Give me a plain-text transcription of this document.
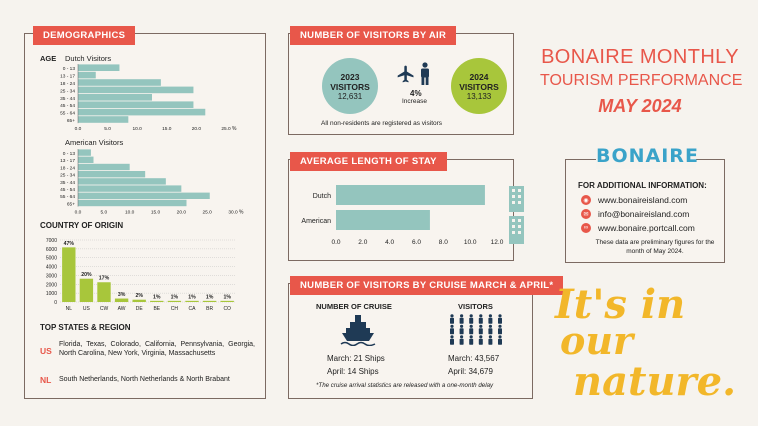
DEMOGRAPHICS
AGE Dutch Visitors
0 - 13
13 - 17
18 - 24
25 - 34
35 - 44
45 - 54
55 - 64
65+
0.0	5.0	10.0	15.0	20.0	25.0 %
American Visitors
0 - 13
13 - 17
18 - 24
25 - 34
35 - 44
45 - 54
55 - 64
65+
0.0	5.0	10.0	15.0	20.0	25.0	30.0 %
COUNTRY OF ORIGIN
7000
6000
5000
4000
3000
2000
1000
0
47%
NL
20%
US
17%
CW
3%
AW
2%
DE
1%
BE
1%
CH
1%
CA
1%
BR
1%
CO
TOP STATES & REGION
US
Florida, Texas, Colorado, California, Pennsylvania, Georgia, North Carolina, New York, Virginia, Massachusetts
NL South Netherlands, North Netherlands & North Brabant
NUMBER OF VISITORS BY AIR
2023
VISITORS
12,631	4%
Increase
2024
VISITORS
13,133
All non-residents are registered as visitors
AVERAGE LENGTH OF STAY
Dutch
American
0.0	2.0	4.0	6.0	8.0 10.0 12.0
NUMBER OF VISITORS BY CRUISE MARCH & APRIL*
NUMBER OF CRUISE	VISITORS
March: 21 Ships
April: 14 Ships
March: 43,567
April: 34,679
*The cruise arrival statistics are released with a one-month delay
BONAIRE MONTHLY
TOURISM PERFORMANCE
MAY 2024
BONAIRE
FOR ADDITIONAL INFORMATION:
◉ www.bonaireisland.com
✉ info@bonaireisland.com
∞	www.bonaire.portcall.com
These data are preliminary figures for the month of May 2024.
It's in
our
nature.
